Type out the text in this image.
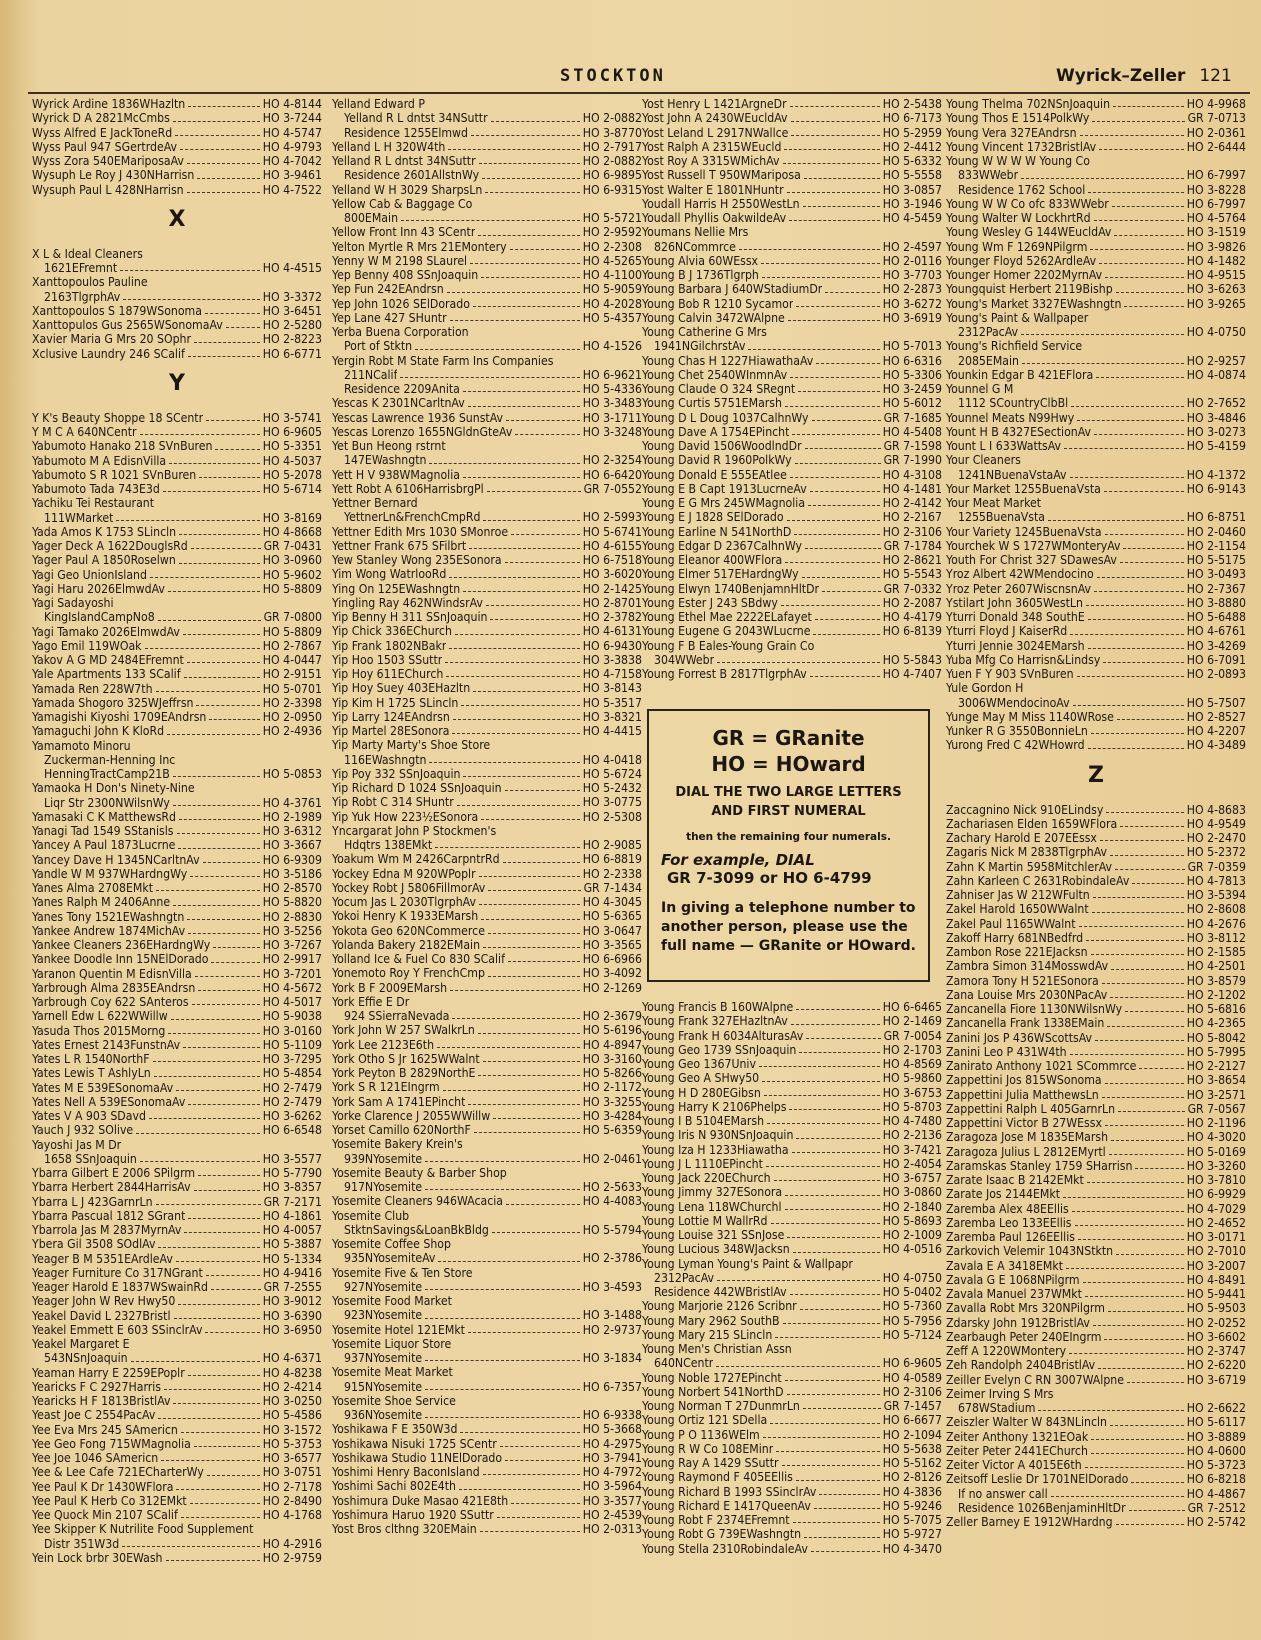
STOCKTON	Wyrick–Zeller 121
Wyrick Ardine 1836WHazltn	HO 4-8144
Wyrick D A 2821McCmbs	HO 3-7244
Wyss Alfred E JackToneRd	HO 4-5747
Wyss Paul 947 SGertrdeAv	HO 4-9793
Wyss Zora 540EMariposaAv	HO 4-7042
Wysuph Le Roy J 430NHarrisn	HO 3-9461
Wysuph Paul L 428NHarrisn	HO 4-7522
X
X L & Ideal Cleaners
1621EFremnt	HO 4-4515
Xanttopoulos Pauline
2163TlgrphAv	HO 3-3372
Xanttopoulos S 1879WSonoma	HO 3-6451
Xanttopulos Gus 2565WSonomaAv	HO 2-5280
Xavier Maria G Mrs 20 SOphr	HO 2-8223
Xclusive Laundry 246 SCalif	HO 6-6771
Y
Y K's Beauty Shoppe 18 SCentr	HO 3-5741
Y M C A 640NCentr	HO 6-9605
Yabumoto Hanako 218 SVnBuren	HO 5-3351
Yabumoto M A EdisnVilla	HO 4-5037
Yabumoto S R 1021 SVnBuren	HO 5-2078
Yabumoto Tada 743E3d	HO 5-6714
Yachiku Tei Restaurant
111WMarket	HO 3-8169
Yada Amos K 1753 SLincln	HO 4-8668
Yager Deck A 1622DouglsRd	GR 7-0431
Yager Paul A 1850Roselwn	HO 3-0960
Yagi Geo UnionIsland	HO 5-9602
Yagi Haru 2026ElmwdAv	HO 5-8809
Yagi Sadayoshi
KingIslandCampNo8	GR 7-0800
Yagi Tamako 2026ElmwdAv	HO 5-8809
Yago Emil 119WOak	HO 2-7867
Yakov A G MD 2484EFremnt	HO 4-0447
Yale Apartments 133 SCalif	HO 2-9151
Yamada Ren 228W7th	HO 5-0701
Yamada Shogoro 325WJeffrsn	HO 2-3398
Yamagishi Kiyoshi 1709EAndrsn	HO 2-0950
Yamaguchi John K KloRd	HO 2-4936
Yamamoto Minoru
Zuckerman-Henning Inc
HenningTractCamp21B	HO 5-0853
Yamaoka H Don's Ninety-Nine
Liqr Str 2300NWilsnWy	HO 4-3761
Yamasaki C K MatthewsRd	HO 2-1989
Yanagi Tad 1549 SStanisls	HO 3-6312
Yancey A Paul 1873Lucrne	HO 3-3667
Yancey Dave H 1345NCarltnAv	HO 6-9309
Yandle W M 937WHardngWy	HO 3-5186
Yanes Alma 2708EMkt	HO 2-8570
Yanes Ralph M 2406Anne	HO 5-8820
Yanes Tony 1521EWashngtn	HO 2-8830
Yankee Andrew 1874MichAv	HO 3-5256
Yankee Cleaners 236EHardngWy	HO 3-7267
Yankee Doodle Inn 15NElDorado	HO 2-9917
Yaranon Quentin M EdisnVilla	HO 3-7201
Yarbrough Alma 2835EAndrsn	HO 4-5672
Yarbrough Coy 622 SAnteros	HO 4-5017
Yarnell Edw L 622WWillw	HO 5-9038
Yasuda Thos 2015Morng	HO 3-0160
Yates Ernest 2143FunstnAv	HO 5-1109
Yates L R 1540NorthF	HO 3-7295
Yates Lewis T AshlyLn	HO 5-4854
Yates M E 539ESonomaAv	HO 2-7479
Yates Nell A 539ESonomaAv	HO 2-7479
Yates V A 903 SDavd	HO 3-6262
Yauch J 932 SOlive	HO 6-6548
Yayoshi Jas M Dr
1658 SSnJoaquin	HO 3-5577
Ybarra Gilbert E 2006 SPilgrm	HO 5-7790
Ybarra Herbert 2844HarrisAv	HO 3-8357
Ybarra L J 423GarnrLn	GR 7-2171
Ybarra Pascual 1812 SGrant	HO 4-1861
Ybarrola Jas M 2837MyrnAv	HO 4-0057
Ybera Gil 3508 SOdlAv	HO 5-3887
Yeager B M 5351EArdleAv	HO 5-1334
Yeager Furniture Co 317NGrant	HO 4-9416
Yeager Harold E 1837WSwainRd	GR 7-2555
Yeager John W Rev Hwy50	HO 3-9012
Yeakel David L 2327Bristl	HO 3-6390
Yeakel Emmett E 603 SSinclrAv	HO 3-6950
Yeakel Margaret E
543NSnJoaquin	HO 4-6371
Yeaman Harry E 2259EPoplr	HO 4-8238
Yearicks F C 2927Harris	HO 2-4214
Yearicks H F 1813BristlAv	HO 3-0250
Yeast Joe C 2554PacAv	HO 5-4586
Yee Eva Mrs 245 SAmericn	HO 3-1572
Yee Geo Fong 715WMagnolia	HO 5-3753
Yee Joe 1046 SAmericn	HO 3-6577
Yee & Lee Cafe 721ECharterWy	HO 3-0751
Yee Paul K Dr 1430WFlora	HO 2-7178
Yee Paul K Herb Co 312EMkt	HO 2-8490
Yee Quock Min 2107 SCalif	HO 4-1768
Yee Skipper K Nutrilite Food Supplement
Distr 351W3d	HO 4-2916
Yein Lock brbr 30EWash	HO 2-9759
Yelland Edward P
Yelland R L dntst 34NSuttr	HO 2-0882
Residence 1255Elmwd	HO 3-8770
Yelland L H 320W4th	HO 2-7917
Yelland R L dntst 34NSuttr	HO 2-0882
Residence 2601AllstnWy	HO 6-9895
Yelland W H 3029 SharpsLn	HO 6-9315
Yellow Cab & Baggage Co
800EMain	HO 5-5721
Yellow Front Inn 43 SCentr	HO 2-9592
Yelton Myrtle R Mrs 21EMontery	HO 2-2308
Yenny W M 2198 SLaurel	HO 4-5265
Yep Benny 408 SSnJoaquin	HO 4-1100
Yep Fun 242EAndrsn	HO 5-9059
Yep John 1026 SElDorado	HO 4-2028
Yep Lane 427 SHuntr	HO 5-4357
Yerba Buena Corporation
Port of Stktn	HO 4-1526
Yergin Robt M State Farm Ins Companies
211NCalif	HO 6-9621
Residence 2209Anita	HO 5-4336
Yescas K 2301NCarltnAv	HO 3-3483
Yescas Lawrence 1936 SunstAv	HO 3-1711
Yescas Lorenzo 1655NGldnGteAv	HO 3-3248
Yet Bun Heong rstrnt
147EWashngtn	HO 2-3254
Yett H V 938WMagnolia	HO 6-6420
Yett Robt A 6106HarrisbrgPl	GR 7-0552
Yettner Bernard
YettnerLn&FrenchCmpRd	HO 2-5993
Yettner Edith Mrs 1030 SMonroe	HO 5-6741
Yettner Frank 675 SFilbrt	HO 4-6155
Yew Stanley Wong 235ESonora	HO 6-7518
Yim Wong WatrlooRd	HO 3-6020
Ying On 125EWashngtn	HO 2-1425
Yingling Ray 462NWindsrAv	HO 2-8701
Yip Benny H 311 SSnJoaquin	HO 2-3782
Yip Chick 336EChurch	HO 4-6131
Yip Frank 1802NBakr	HO 6-9430
Yip Hoo 1503 SSuttr	HO 3-3838
Yip Hoy 611EChurch	HO 4-7158
Yip Hoy Suey 403EHazltn	HO 3-8143
Yip Kim H 1725 SLincln	HO 5-3517
Yip Larry 124EAndrsn	HO 3-8321
Yip Martel 28ESonora	HO 4-4415
Yip Marty Marty's Shoe Store
116EWashngtn	HO 4-0418
Yip Poy 332 SSnJoaquin	HO 5-6724
Yip Richard D 1024 SSnJoaquin	HO 5-2432
Yip Robt C 314 SHuntr	HO 3-0775
Yip Yuk How 223½ESonora	HO 2-5308
Yncargarat John P Stockmen's
Hdqtrs 138EMkt	HO 2-9085
Yoakum Wm M 2426CarpntrRd	HO 6-8819
Yockey Edna M 920WPoplr	HO 2-2338
Yockey Robt J 5806FillmorAv	GR 7-1434
Yocum Jas L 2030TlgrphAv	HO 4-3045
Yokoi Henry K 1933EMarsh	HO 5-6365
Yokota Geo 620NCommerce	HO 3-0647
Yolanda Bakery 2182EMain	HO 3-3565
Yolland Ice & Fuel Co 830 SCalif	HO 6-6966
Yonemoto Roy Y FrenchCmp	HO 3-4092
York B F 2009EMarsh	HO 2-1269
York Effie E Dr
924 SSierraNevada	HO 2-3679
York John W 257 SWalkrLn	HO 5-6196
York Lee 2123E6th	HO 4-8947
York Otho S Jr 1625WWalnt	HO 3-3160
York Peyton B 2829NorthE	HO 5-8266
York S R 121EIngrm	HO 2-1172
York Sam A 1741EPincht	HO 3-3255
Yorke Clarence J 2055WWillw	HO 3-4284
Yorset Camillo 620NorthF	HO 5-6359
Yosemite Bakery Krein's
939NYosemite	HO 2-0461
Yosemite Beauty & Barber Shop
917NYosemite	HO 2-5633
Yosemite Cleaners 946WAcacia	HO 4-4083
Yosemite Club
StktnSavings&LoanBkBldg	HO 5-5794
Yosemite Coffee Shop
935NYosemiteAv	HO 2-3786
Yosemite Five & Ten Store
927NYosemite	HO 3-4593
Yosemite Food Market
923NYosemite	HO 3-1488
Yosemite Hotel 121EMkt	HO 2-9737
Yosemite Liquor Store
937NYosemite	HO 3-1834
Yosemite Meat Market
915NYosemite	HO 6-7357
Yosemite Shoe Service
936NYosemite	HO 6-9338
Yoshikawa F E 350W3d	HO 5-3668
Yoshikawa Nisuki 1725 SCentr	HO 4-2975
Yoshikawa Studio 11NElDorado	HO 3-7941
Yoshimi Henry BaconIsland	HO 4-7972
Yoshimi Sachi 802E4th	HO 3-5964
Yoshimura Duke Masao 421E8th	HO 3-3577
Yoshimura Haruo 1920 SSuttr	HO 2-4539
Yost Bros clthng 320EMain	HO 2-0313
Yost Henry L 1421ArgneDr	HO 2-5438
Yost John A 2430WEucldAv	HO 6-7173
Yost Leland L 2917NWallce	HO 5-2959
Yost Ralph A 2315WEucld	HO 2-4412
Yost Roy A 3315WMichAv	HO 5-6332
Yost Russell T 950WMariposa	HO 5-5558
Yost Walter E 1801NHuntr	HO 3-0857
Youdall Harris H 2550WestLn	HO 3-1946
Youdall Phyllis OakwildeAv	HO 4-5459
Youmans Nellie Mrs
826NCommrce	HO 2-4597
Young Alvia 60WEssx	HO 2-0116
Young B J 1736Tlgrph	HO 3-7703
Young Barbara J 640WStadiumDr	HO 2-2873
Young Bob R 1210 Sycamor	HO 3-6272
Young Calvin 3472WAlpne	HO 3-6919
Young Catherine G Mrs
1941NGilchrstAv	HO 5-7013
Young Chas H 1227HiawathaAv	HO 6-6316
Young Chet 2540WInmnAv	HO 5-3306
Young Claude O 324 SRegnt	HO 3-2459
Young Curtis 5751EMarsh	HO 5-6012
Young D L Doug 1037CalhnWy	GR 7-1685
Young Dave A 1754EPincht	HO 4-5408
Young David 1506WoodlndDr	GR 7-1598
Young David R 1960PolkWy	GR 7-1990
Young Donald E 555EAtlee	HO 4-3108
Young E B Capt 1913LucrneAv	HO 4-1481
Young E G Mrs 245WMagnolia	HO 2-4142
Young E J 1828 SElDorado	HO 2-2167
Young Earline N 541NorthD	HO 2-3106
Young Edgar D 2367CalhnWy	GR 7-1784
Young Eleanor 400WFlora	HO 2-8621
Young Elmer 517EHardngWy	HO 5-5543
Young Elwyn 1740BenjamnHltDr	GR 7-0332
Young Ester J 243 SBdwy	HO 2-2087
Young Ethel Mae 2222ELafayet	HO 4-4179
Young Eugene G 2043WLucrne	HO 6-8139
Young F B Eales-Young Grain Co
304WWebr	HO 5-5843
Young Forrest B 2817TlgrphAv	HO 4-7407
Young Francis B 160WAlpne	HO 6-6465
Young Frank 327EHazltnAv	HO 2-1469
Young Frank H 6034AlturasAv	GR 7-0054
Young Geo 1739 SSnJoaquin	HO 2-1703
Young Geo 1367Univ	HO 4-8569
Young Geo A SHwy50	HO 5-9860
Young H D 280EGibsn	HO 3-6753
Young Harry K 2106Phelps	HO 5-8703
Young I B 5104EMarsh	HO 4-7480
Young Iris N 930NSnJoaquin	HO 2-2136
Young Iza H 1233Hiawatha	HO 3-7421
Young J L 1110EPincht	HO 2-4054
Young Jack 220EChurch	HO 3-6757
Young Jimmy 327ESonora	HO 3-0860
Young Lena 118WChurchl	HO 2-1840
Young Lottie M WallrRd	HO 5-8693
Young Louise 321 SSnJose	HO 2-1009
Young Lucious 348WJacksn	HO 4-0516
Young Lyman Young's Paint & Wallpapr
2312PacAv	HO 4-0750
Residence 442WBristlAv	HO 5-0402
Young Marjorie 2126 Scribnr	HO 5-7360
Young Mary 2962 SouthB	HO 5-7956
Young Mary 215 SLincln	HO 5-7124
Young Men's Christian Assn
640NCentr	HO 6-9605
Young Noble 1727EPincht	HO 4-0589
Young Norbert 541NorthD	HO 2-3106
Young Norman T 27DunmrLn	GR 7-1457
Young Ortiz 121 SDella	HO 6-6677
Young P O 1136WElm	HO 2-1094
Young R W Co 108EMinr	HO 5-5638
Young Ray A 1429 SSuttr	HO 5-5162
Young Raymond F 405EEllis	HO 2-8126
Young Richard B 1993 SSinclrAv	HO 4-3836
Young Richard E 1417QueenAv	HO 5-9246
Young Robt F 2374EFremnt	HO 5-7075
Young Robt G 739EWashngtn	HO 5-9727
Young Stella 2310RobindaleAv	HO 4-3470
Young Thelma 702NSnJoaquin	HO 4-9968
Young Thos E 1514PolkWy	GR 7-0713
Young Vera 327EAndrsn	HO 2-0361
Young Vincent 1732BristlAv	HO 2-6444
Young W W W W Young Co
833WWebr	HO 6-7997
Residence 1762 School	HO 3-8228
Young W W Co ofc 833WWebr	HO 6-7997
Young Walter W LockhrtRd	HO 4-5764
Young Wesley G 144WEucldAv	HO 3-1519
Young Wm F 1269NPilgrm	HO 3-9826
Younger Floyd 5262ArdleAv	HO 4-1482
Younger Homer 2202MyrnAv	HO 4-9515
Youngquist Herbert 2119Bishp	HO 3-6263
Young's Market 3327EWashngtn	HO 3-9265
Young's Paint & Wallpaper
2312PacAv	HO 4-0750
Young's Richfield Service
2085EMain	HO 2-9257
Younkin Edgar B 421EFlora	HO 4-0874
Younnel G M
1112 SCountryClbBl	HO 2-7652
Younnel Meats N99Hwy	HO 3-4846
Yount H B 4327ESectionAv	HO 3-0273
Yount L I 633WattsAv	HO 5-4159
Your Cleaners
1241NBuenaVstaAv	HO 4-1372
Your Market 1255BuenaVsta	HO 6-9143
Your Meat Market
1255BuenaVsta	HO 6-8751
Your Variety 1245BuenaVsta	HO 2-0460
Yourchek W S 1727WMonteryAv	HO 2-1154
Youth For Christ 327 SDawesAv	HO 5-5175
Yroz Albert 42WMendocino	HO 3-0493
Yroz Peter 2607WiscnsnAv	HO 2-7367
Ystilart John 3605WestLn	HO 3-8880
Yturri Donald 348 SouthE	HO 5-6488
Yturri Floyd J KaiserRd	HO 4-6761
Yturri Jennie 3024EMarsh	HO 3-4269
Yuba Mfg Co Harrisn&Lindsy	HO 6-7091
Yuen F Y 903 SVnBuren	HO 2-0893
Yule Gordon H
3006WMendocinoAv	HO 5-7507
Yunge May M Miss 1140WRose	HO 2-8527
Yunker R G 3550BonnieLn	HO 4-2207
Yurong Fred C 42WHowrd	HO 4-3489
Z
Zaccagnino Nick 910ELindsy	HO 4-8683
Zachariasen Elden 1659WFlora	HO 4-9549
Zachary Harold E 207EEssx	HO 2-2470
Zagaris Nick M 2838TlgrphAv	HO 5-2372
Zahn K Martin 5958MitchlerAv	GR 7-0359
Zahn Karleen C 2631RobindaleAv	HO 4-7813
Zahniser Jas W 212WFultn	HO 3-5394
Zakel Harold 1650WWalnt	HO 2-8608
Zakel Paul 1165WWalnt	HO 4-2676
Zakoff Harry 681NBedfrd	HO 3-8112
Zambon Rose 221EJacksn	HO 2-1585
Zambra Simon 314MosswdAv	HO 4-2501
Zamora Tony H 521ESonora	HO 3-8579
Zana Louise Mrs 2030NPacAv	HO 2-1202
Zancanella Fiore 1130NWilsnWy	HO 5-6816
Zancanella Frank 1338EMain	HO 4-2365
Zanini Jos P 436WScottsAv	HO 5-8042
Zanini Leo P 431W4th	HO 5-7995
Zanirato Anthony 1021 SCommrce	HO 2-2127
Zappettini Jos 815WSonoma	HO 3-8654
Zappettini Julia MatthewsLn	HO 3-2571
Zappettini Ralph L 405GarnrLn	GR 7-0567
Zappettini Victor B 27WEssx	HO 2-1196
Zaragoza Jose M 1835EMarsh	HO 4-3020
Zaragoza Julius L 2812EMyrtl	HO 5-0169
Zaramskas Stanley 1759 SHarrisn	HO 3-3260
Zarate Isaac B 2142EMkt	HO 3-7810
Zarate Jos 2144EMkt	HO 6-9929
Zaremba Alex 48EEllis	HO 4-7029
Zaremba Leo 133EEllis	HO 2-4652
Zaremba Paul 126EEllis	HO 3-0171
Zarkovich Velemir 1043NStktn	HO 2-7010
Zavala E A 3418EMkt	HO 3-2007
Zavala G E 1068NPilgrm	HO 4-8491
Zavala Manuel 237WMkt	HO 5-9441
Zavalla Robt Mrs 320NPilgrm	HO 5-9503
Zdarsky John 1912BristlAv	HO 2-0252
Zearbaugh Peter 240EIngrm	HO 3-6602
Zeff A 1220WMontery	HO 2-3747
Zeh Randolph 2404BristlAv	HO 2-6220
Zeiller Evelyn C RN 3007WAlpne	HO 3-6719
Zeimer Irving S Mrs
678WStadium	HO 2-6622
Zeiszler Walter W 843NLincln	HO 5-6117
Zeiter Anthony 1321EOak	HO 3-8889
Zeiter Peter 2441EChurch	HO 4-0600
Zeiter Victor A 4015E6th	HO 5-3723
Zeitsoff Leslie Dr 1701NElDorado	HO 6-8218
If no answer call	HO 4-4867
Residence 1026BenjaminHltDr	GR 7-2512
Zeller Barney E 1912WHardng	HO 2-5742
GR = GRanite
HO = HOward
DIAL THE TWO LARGE LETTERS AND FIRST NUMERAL
then the remaining four numerals.
For example, DIAL
GR 7-3099 or HO 6-4799
In giving a telephone number to another person, please use the full name — GRanite or HOward.
